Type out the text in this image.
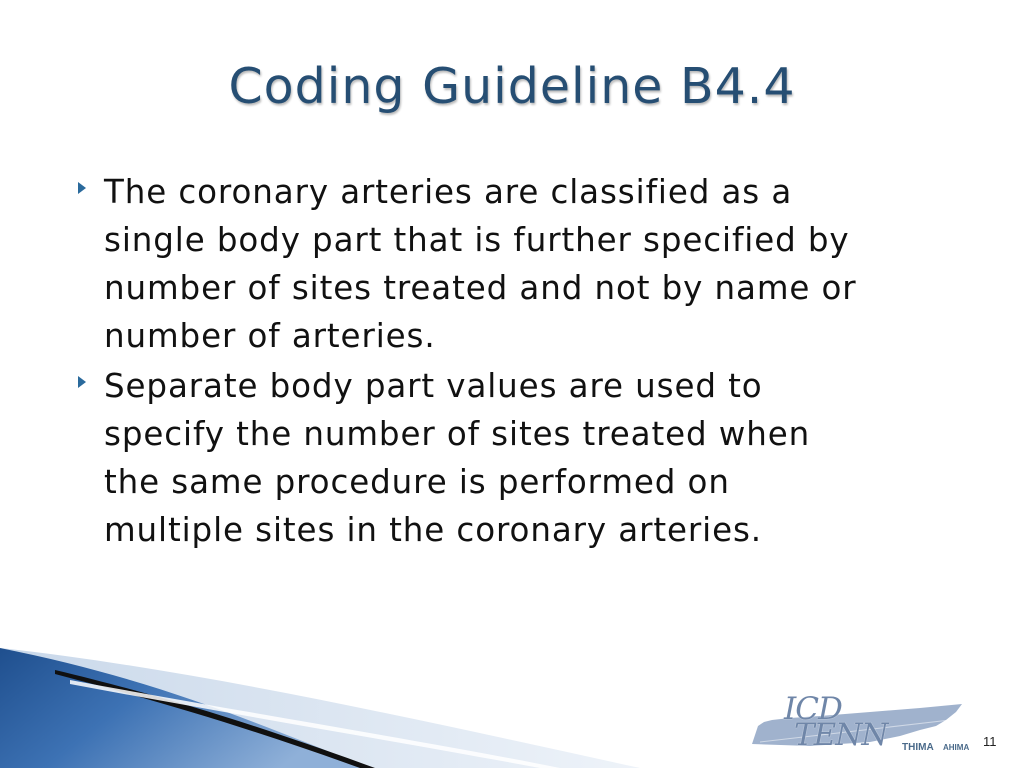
Coding Guideline B4.4
The coronary arteries are classified as a
single body part that is further specified by
number of sites treated and not by name or
number of arteries.
Separate body part values are used to
specify the number of sites treated when
the same procedure is performed on
multiple sites in the coronary arteries.
ICD
TENN THIMA AHIMA 11
